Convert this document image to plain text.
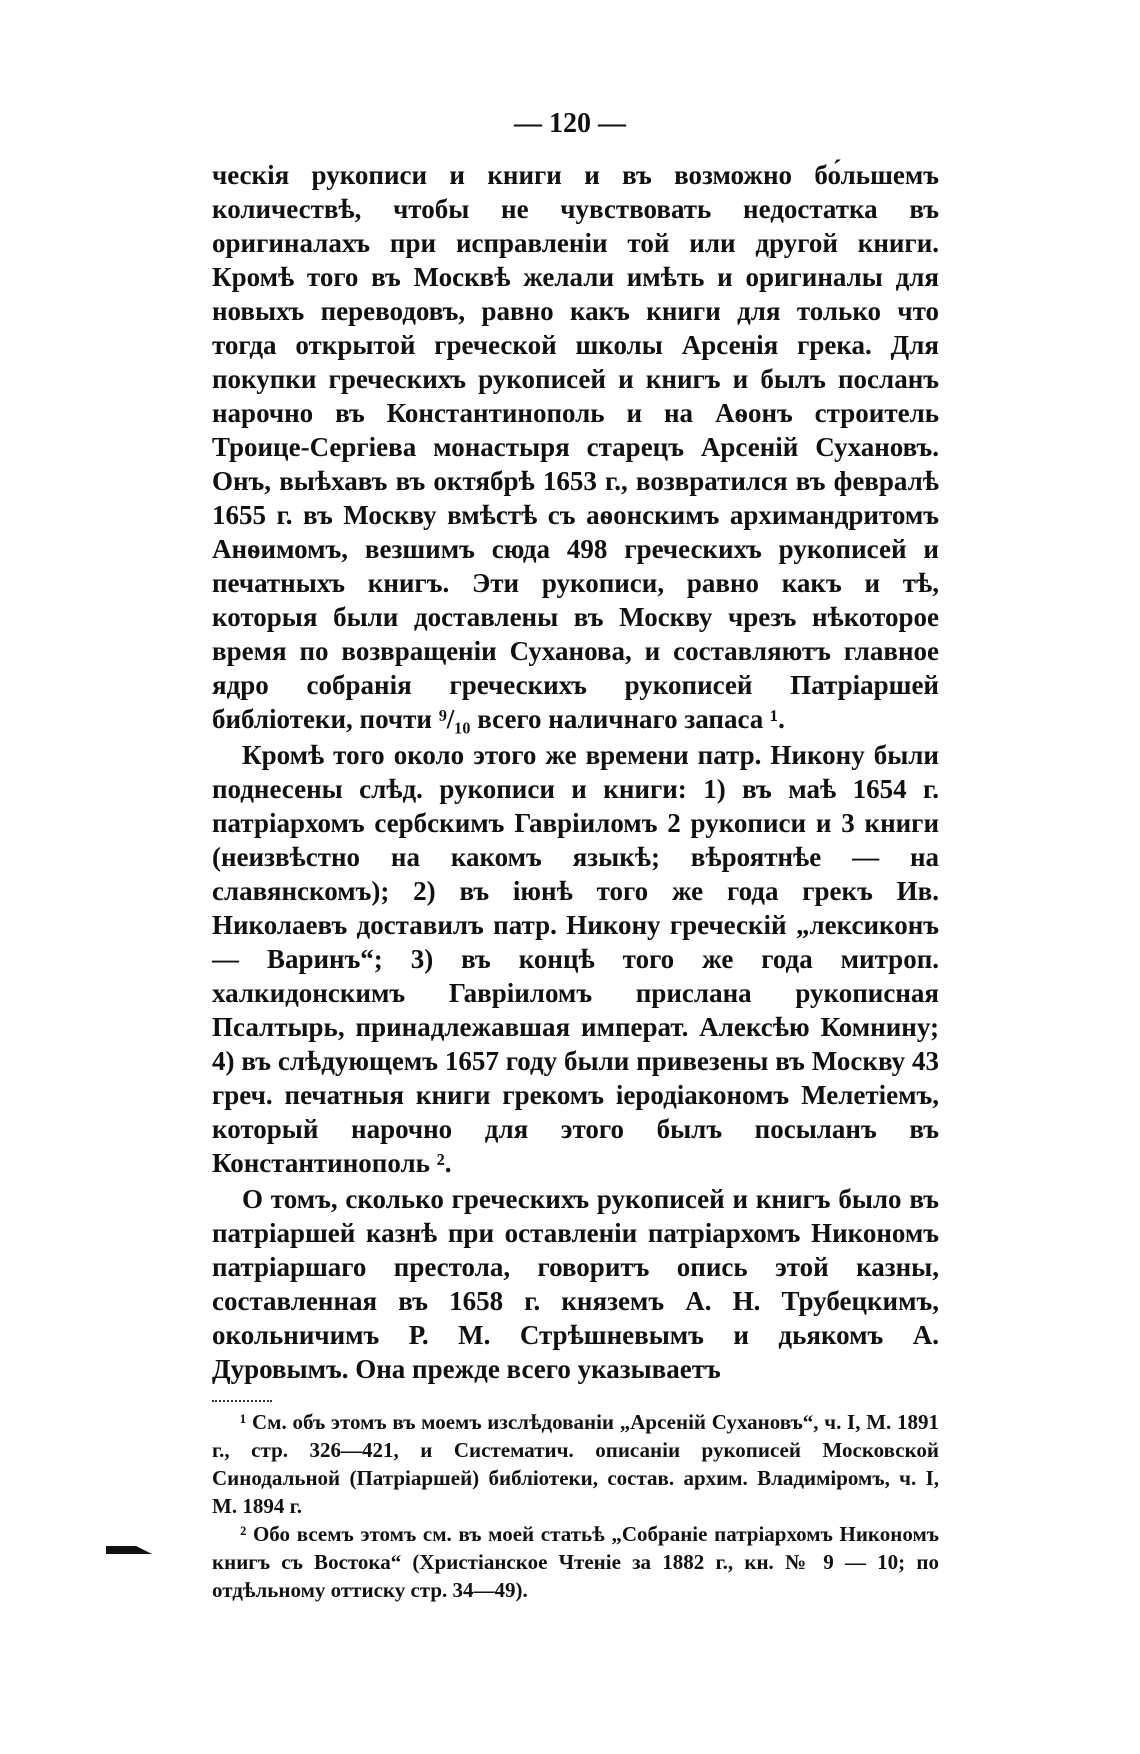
— 120 —

ческія рукописи и книги и въ возможно бо́льшемъ количествѣ, чтобы не чувствовать недостатка въ оригиналахъ при исправленіи той или другой книги. Кромѣ того въ Москвѣ желали имѣть и оригиналы для новыхъ переводовъ, равно какъ книги для только что тогда открытой греческой школы Арсенія грека. Для покупки греческихъ рукописей и книгъ и былъ посланъ нарочно въ Константинополь и на Аѳонъ строитель Троице-Сергіева монастыря старецъ Арсеній Сухановъ. Онъ, выѣхавъ въ октябрѣ 1653 г., возвратился въ февралѣ 1655 г. въ Москву вмѣстѣ съ аѳонскимъ архимандритомъ Анѳимомъ, везшимъ сюда 498 греческихъ рукописей и печатныхъ книгъ. Эти рукописи, равно какъ и тѣ, которыя были доставлены въ Москву чрезъ нѣкоторое время по возвращеніи Суханова, и составляютъ главное ядро собранія греческихъ рукописей Патріаршей библіотеки, почти ⁹/₁₀ всего наличнаго запаса ¹.

Кромѣ того около этого же времени патр. Никону были поднесены слѣд. рукописи и книги: 1) въ маѣ 1654 г. патріархомъ сербскимъ Гавріиломъ 2 рукописи и 3 книги (неизвѣстно на какомъ языкѣ; вѣроятнѣе — на славянскомъ); 2) въ іюнѣ того же года грекъ Ив. Николаевъ доставилъ патр. Никону греческій „лексиконъ — Варинъ“; 3) въ концѣ того же года митроп. халкидонскимъ Гавріиломъ прислана рукописная Псалтырь, принадлежавшая императ. Алексѣю Комнину; 4) въ слѣдующемъ 1657 году были привезены въ Москву 43 греч. печатныя книги грекомъ іеродіакономъ Мелетіемъ, который нарочно для этого былъ посыланъ въ Константинополь ².

О томъ, сколько греческихъ рукописей и книгъ было въ патріаршей казнѣ при оставленіи патріархомъ Никономъ патріаршаго престола, говоритъ опись этой казны, составленная въ 1658 г. княземъ А. Н. Трубецкимъ, окольничимъ Р. М. Стрѣшневымъ и дьякомъ А. Дуровымъ. Она прежде всего указываетъ

¹ См. объ этомъ въ моемъ изслѣдованіи „Арсеній Сухановъ“, ч. I, М. 1891 г., стр. 326—421, и Систематич. описаніи рукописей Московской Синодальной (Патріаршей) библіотеки, состав. архим. Владиміромъ, ч. I, М. 1894 г.

² Обо всемъ этомъ см. въ моей статьѣ „Собраніе патріархомъ Никономъ книгъ съ Востока“ (Христіанское Чтеніе за 1882 г., кн. № 9 — 10; по отдѣльному оттиску стр. 34—49).
